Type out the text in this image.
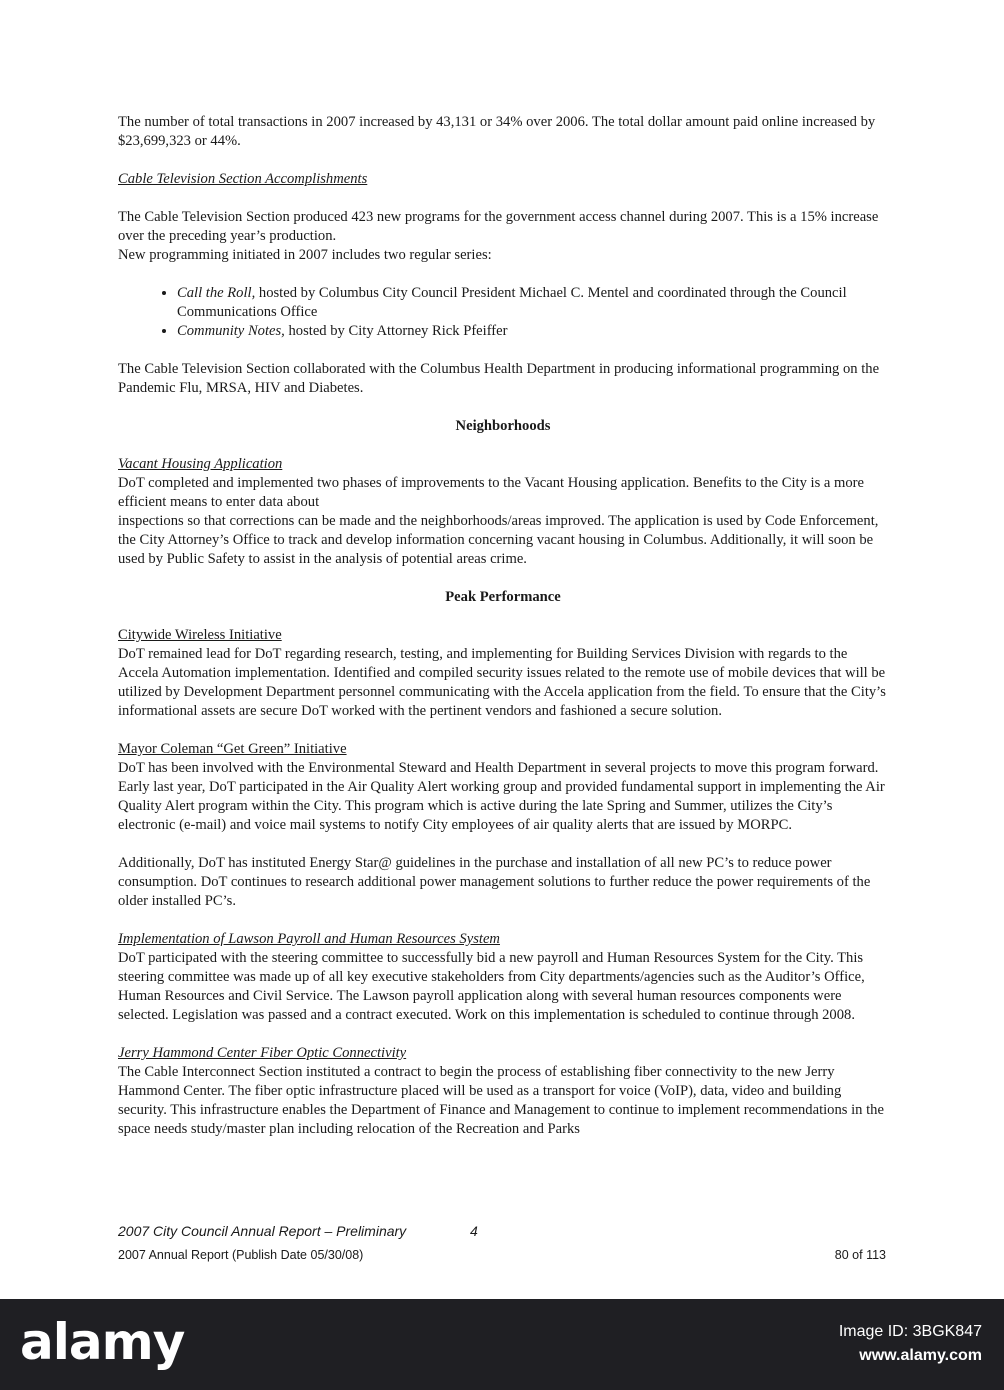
The number of total transactions in 2007 increased by 43,131 or 34% over 2006. The total dollar amount paid online increased by $23,699,323 or 44%.

Cable Television Section Accomplishments

The Cable Television Section produced 423 new programs for the government access channel during 2007. This is a 15% increase over the preceding year’s production.

New programming initiated in 2007 includes two regular series:

• Call the Roll, hosted by Columbus City Council President Michael C. Mentel and coordinated through the Council Communications Office
• Community Notes, hosted by City Attorney Rick Pfeiffer

The Cable Television Section collaborated with the Columbus Health Department in producing informational programming on the Pandemic Flu, MRSA, HIV and Diabetes.

Neighborhoods

Vacant Housing Application

DoT completed and implemented two phases of improvements to the Vacant Housing application. Benefits to the City is a more efficient means to enter data about

inspections so that corrections can be made and the neighborhoods/areas improved. The application is used by Code Enforcement, the City Attorney’s Office to track and develop information concerning vacant housing in Columbus. Additionally, it will soon be used by Public Safety to assist in the analysis of potential areas crime.

Peak Performance

Citywide Wireless Initiative

DoT remained lead for DoT regarding research, testing, and implementing for Building Services Division with regards to the Accela Automation implementation. Identified and compiled security issues related to the remote use of mobile devices that will be utilized by Development Department personnel communicating with the Accela application from the field. To ensure that the City’s informational assets are secure DoT worked with the pertinent vendors and fashioned a secure solution.

Mayor Coleman “Get Green” Initiative

DoT has been involved with the Environmental Steward and Health Department in several projects to move this program forward. Early last year, DoT participated in the Air Quality Alert working group and provided fundamental support in implementing the Air Quality Alert program within the City. This program which is active during the late Spring and Summer, utilizes the City’s electronic (e-mail) and voice mail systems to notify City employees of air quality alerts that are issued by MORPC.

Additionally, DoT has instituted Energy Star@ guidelines in the purchase and installation of all new PC’s to reduce power consumption. DoT continues to research additional power management solutions to further reduce the power requirements of the older installed PC’s.

Implementation of Lawson Payroll and Human Resources System

DoT participated with the steering committee to successfully bid a new payroll and Human Resources System for the City. This steering committee was made up of all key executive stakeholders from City departments/agencies such as the Auditor’s Office, Human Resources and Civil Service. The Lawson payroll application along with several human resources components were selected. Legislation was passed and a contract executed. Work on this implementation is scheduled to continue through 2008.

Jerry Hammond Center Fiber Optic Connectivity

The Cable Interconnect Section instituted a contract to begin the process of establishing fiber connectivity to the new Jerry Hammond Center. The fiber optic infrastructure placed will be used as a transport for voice (VoIP), data, video and building security. This infrastructure enables the Department of Finance and Management to continue to implement recommendations in the space needs study/master plan including relocation of the Recreation and Parks

2007 City Council Annual Report – Preliminary	4
2007 Annual Report (Publish Date 05/30/08)	80 of 113
alamy	Image ID: 3BGK847
www.alamy.com
